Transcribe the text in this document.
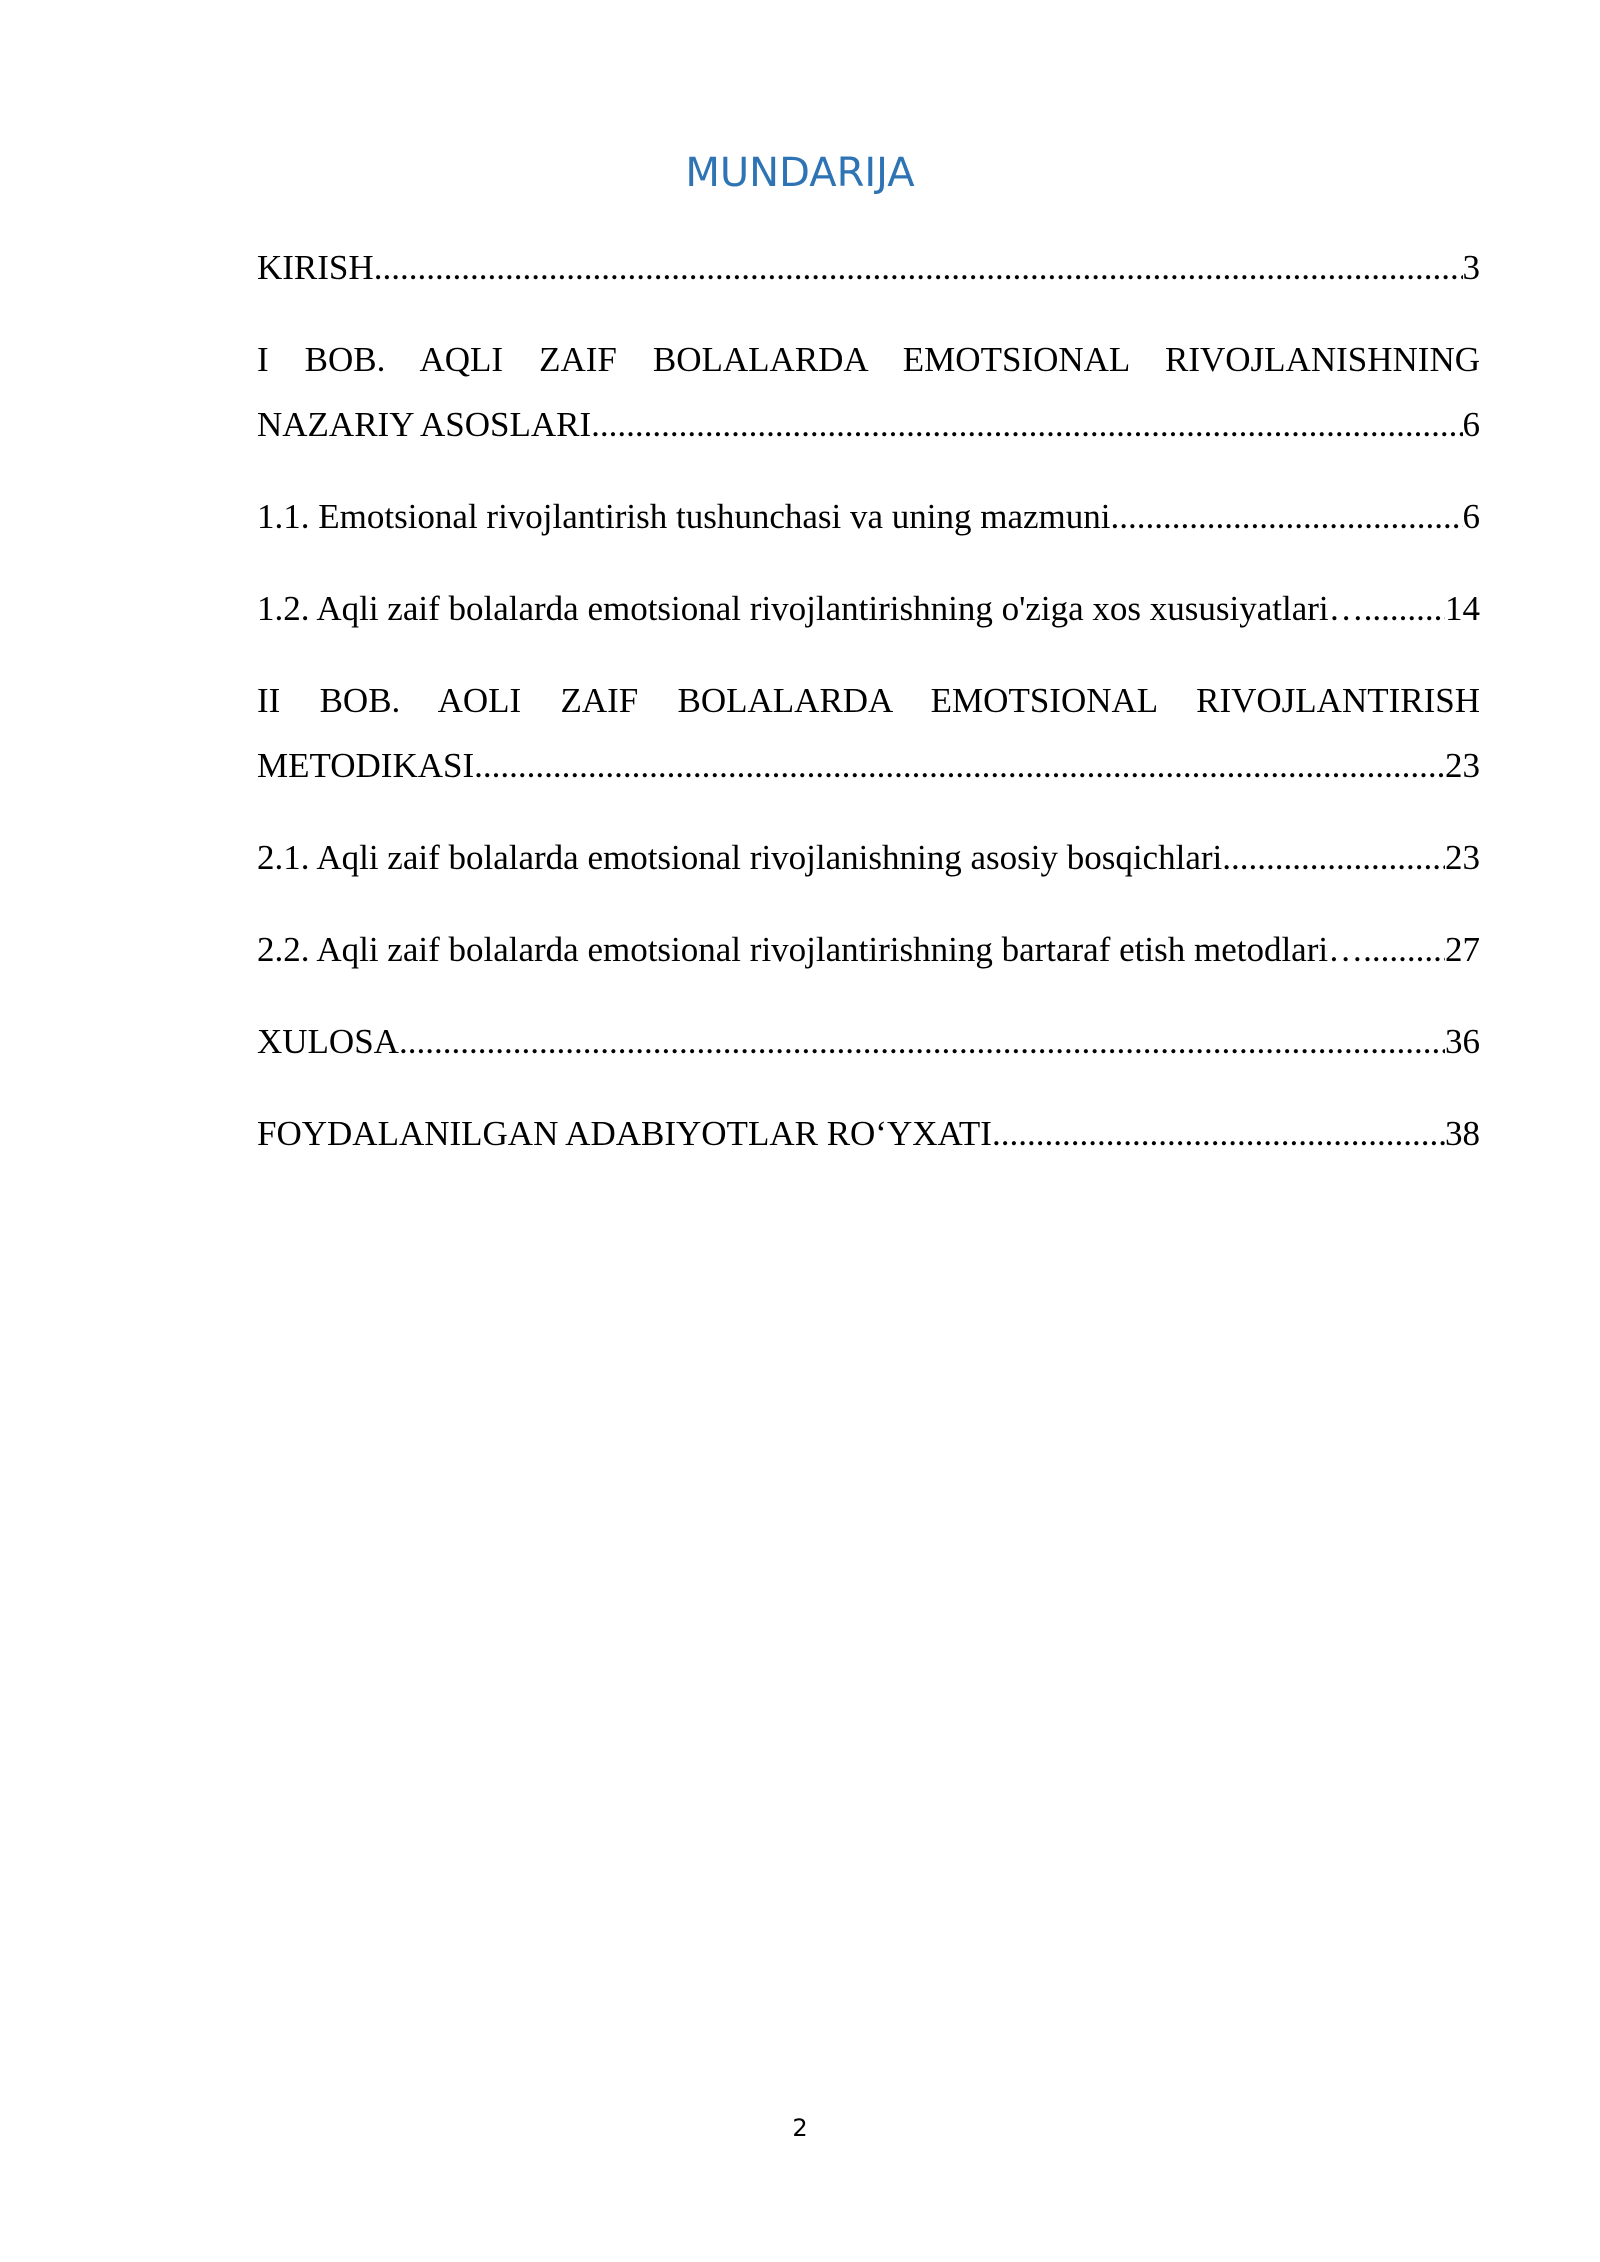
MUNDARIJA
KIRISH .....	3
I BOB. AQLI ZAIF BOLALARDA EMOTSIONAL RIVOJLANISHNING
NAZARIY ASOSLARI .....	6
1.1. Emotsional rivojlantirish tushunchasi va uning mazmuni .....	6
1.2. Aqli zaif bolalarda emotsional rivojlantirishning o'ziga xos xususiyatlari… ..... 14
II BOB. AOLI ZAIF BOLALARDA EMOTSIONAL RIVOJLANTIRISH
METODIKASI .....	23
2.1. Aqli zaif bolalarda emotsional rivojlanishning asosiy bosqichlari .....	23
2.2. Aqli zaif bolalarda emotsional rivojlantirishning bartaraf etish metodlari… ..... 27
XULOSA .....	36
FOYDALANILGAN ADABIYOTLAR RO‘YXATI .....	38
2
